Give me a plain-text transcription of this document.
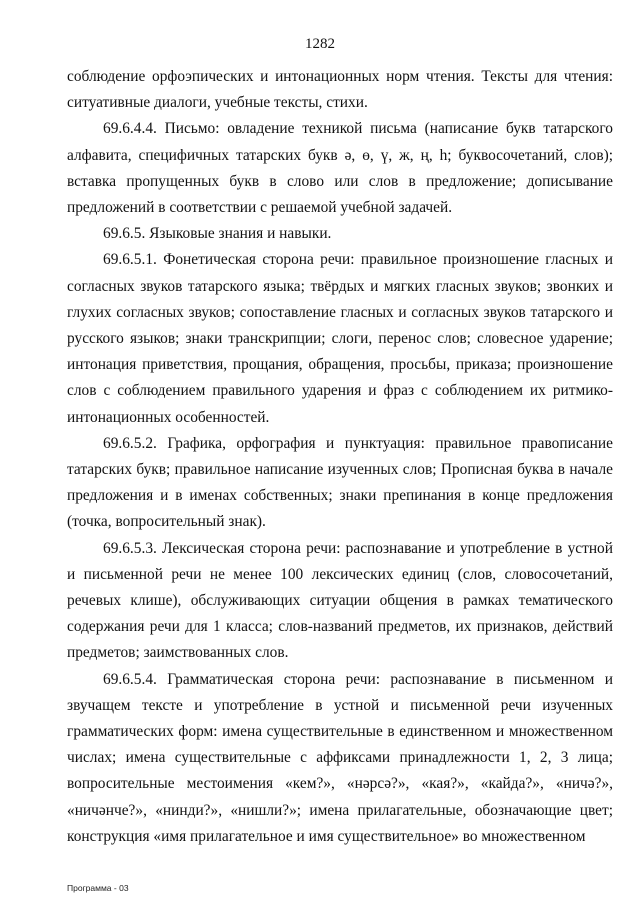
1282

соблюдение орфоэпических и интонационных норм чтения. Тексты для чтения: ситуативные диалоги, учебные тексты, стихи.

69.6.4.4. Письмо: овладение техникой письма (написание букв татарского алфавита, специфичных татарских букв ә, ө, ү, ж, ң, һ; буквосочетаний, слов); вставка пропущенных букв в слово или слов в предложение; дописывание предложений в соответствии с решаемой учебной задачей.

69.6.5. Языковые знания и навыки.

69.6.5.1. Фонетическая сторона речи: правильное произношение гласных и согласных звуков татарского языка; твёрдых и мягких гласных звуков; звонких и глухих согласных звуков; сопоставление гласных и согласных звуков татарского и русского языков; знаки транскрипции; слоги, перенос слов; словесное ударение; интонация приветствия, прощания, обращения, просьбы, приказа; произношение слов с соблюдением правильного ударения и фраз с соблюдением их ритмико-интонационных особенностей.

69.6.5.2. Графика, орфография и пунктуация: правильное правописание татарских букв; правильное написание изученных слов; Прописная буква в начале предложения и в именах собственных; знаки препинания в конце предложения (точка, вопросительный знак).

69.6.5.3. Лексическая сторона речи: распознавание и употребление в устной и письменной речи не менее 100 лексических единиц (слов, словосочетаний, речевых клише), обслуживающих ситуации общения в рамках тематического содержания речи для 1 класса; слов-названий предметов, их признаков, действий предметов; заимствованных слов.

69.6.5.4. Грамматическая сторона речи: распознавание в письменном и звучащем тексте и употребление в устной и письменной речи изученных грамматических форм: имена существительные в единственном и множественном числах; имена существительные с аффиксами принадлежности 1, 2, 3 лица; вопросительные местоимения «кем?», «нәрсә?», «кая?», «кайда?», «ничә?», «ничәнче?», «нинди?», «нишли?»; имена прилагательные, обозначающие цвет; конструкция «имя прилагательное и имя существительное» во множественном

Программа - 03
